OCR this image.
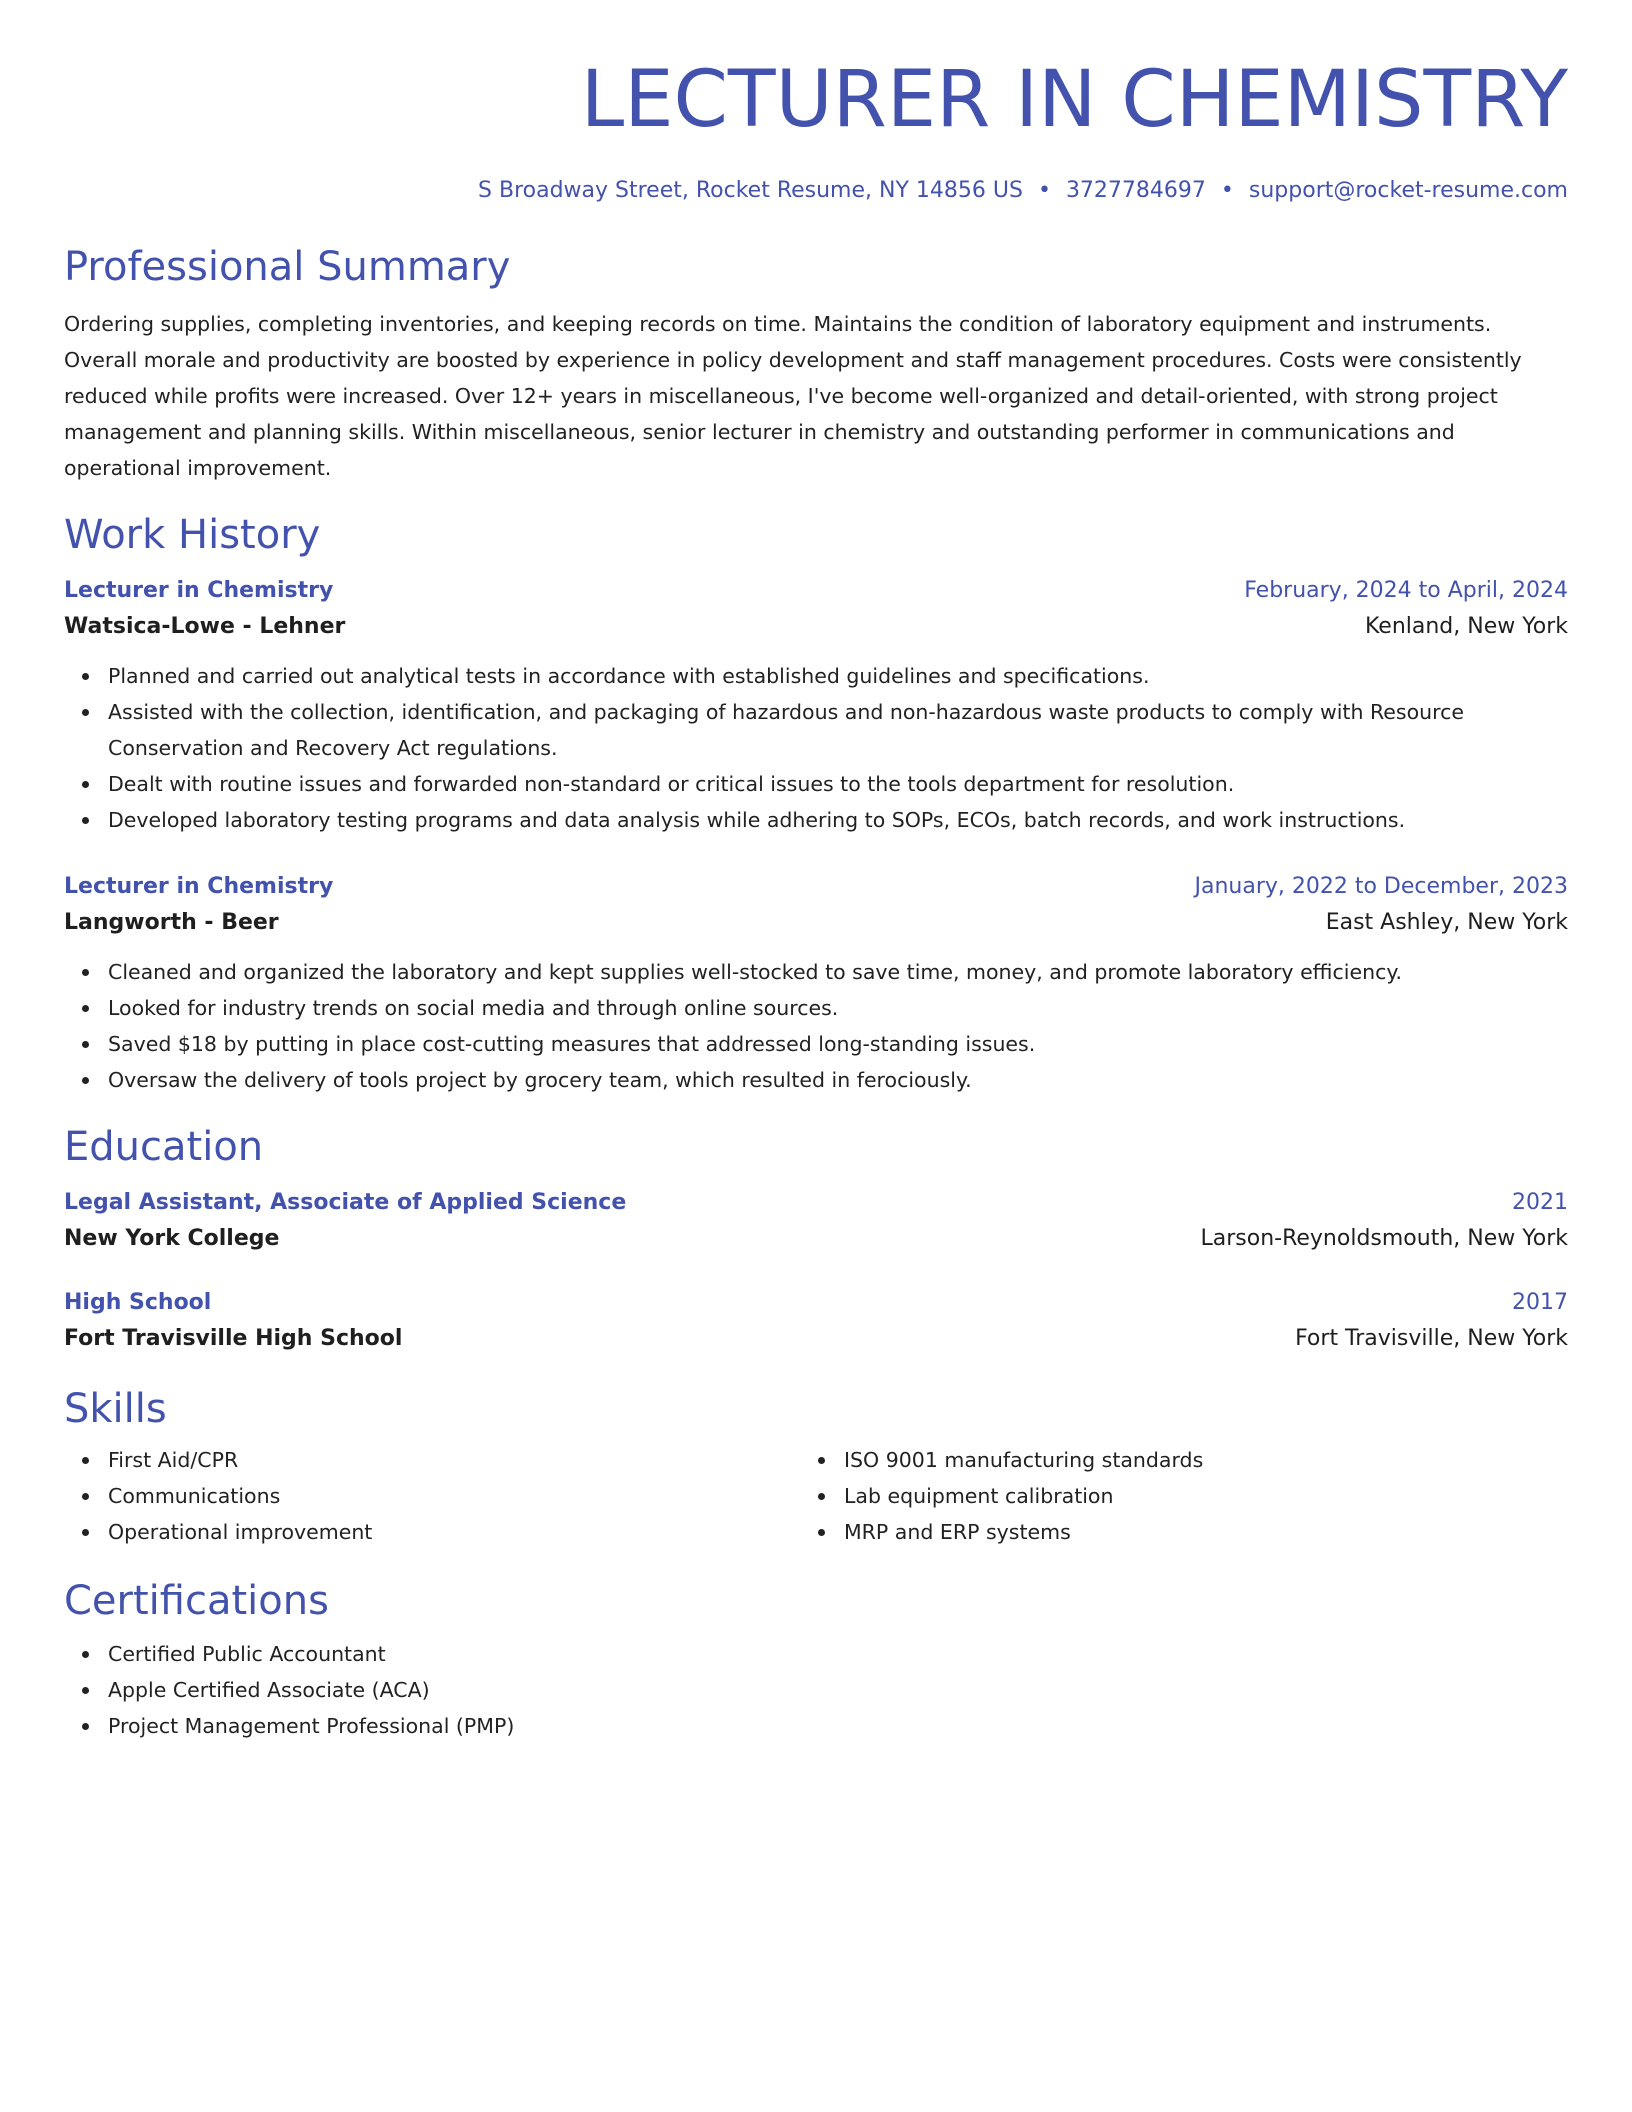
LECTURER IN CHEMISTRY
S Broadway Street, Rocket Resume, NY 14856 US • 3727784697 • support@rocket-resume.com
Professional Summary
Ordering supplies, completing inventories, and keeping records on time. Maintains the condition of laboratory equipment and instruments. Overall morale and productivity are boosted by experience in policy development and staff management procedures. Costs were consistently reduced while profits were increased. Over 12+ years in miscellaneous, I've become well-organized and detail-oriented, with strong project management and planning skills. Within miscellaneous, senior lecturer in chemistry and outstanding performer in communications and operational improvement.
Work History
Lecturer in Chemistry	February, 2024 to April, 2024
Watsica-Lowe - Lehner	Kenland, New York
Planned and carried out analytical tests in accordance with established guidelines and specifications.
Assisted with the collection, identification, and packaging of hazardous and non-hazardous waste products to comply with Resource Conservation and Recovery Act regulations.
Dealt with routine issues and forwarded non-standard or critical issues to the tools department for resolution.
Developed laboratory testing programs and data analysis while adhering to SOPs, ECOs, batch records, and work instructions.
Lecturer in Chemistry	January, 2022 to December, 2023
Langworth - Beer	East Ashley, New York
Cleaned and organized the laboratory and kept supplies well-stocked to save time, money, and promote laboratory efficiency.
Looked for industry trends on social media and through online sources.
Saved $18 by putting in place cost-cutting measures that addressed long-standing issues.
Oversaw the delivery of tools project by grocery team, which resulted in ferociously.
Education
Legal Assistant, Associate of Applied Science	2021
New York College	Larson-Reynoldsmouth, New York
High School	2017
Fort Travisville High School	Fort Travisville, New York
Skills
First Aid/CPR
Communications
Operational improvement
ISO 9001 manufacturing standards
Lab equipment calibration
MRP and ERP systems
Certifications
Certified Public Accountant
Apple Certified Associate (ACA)
Project Management Professional (PMP)
